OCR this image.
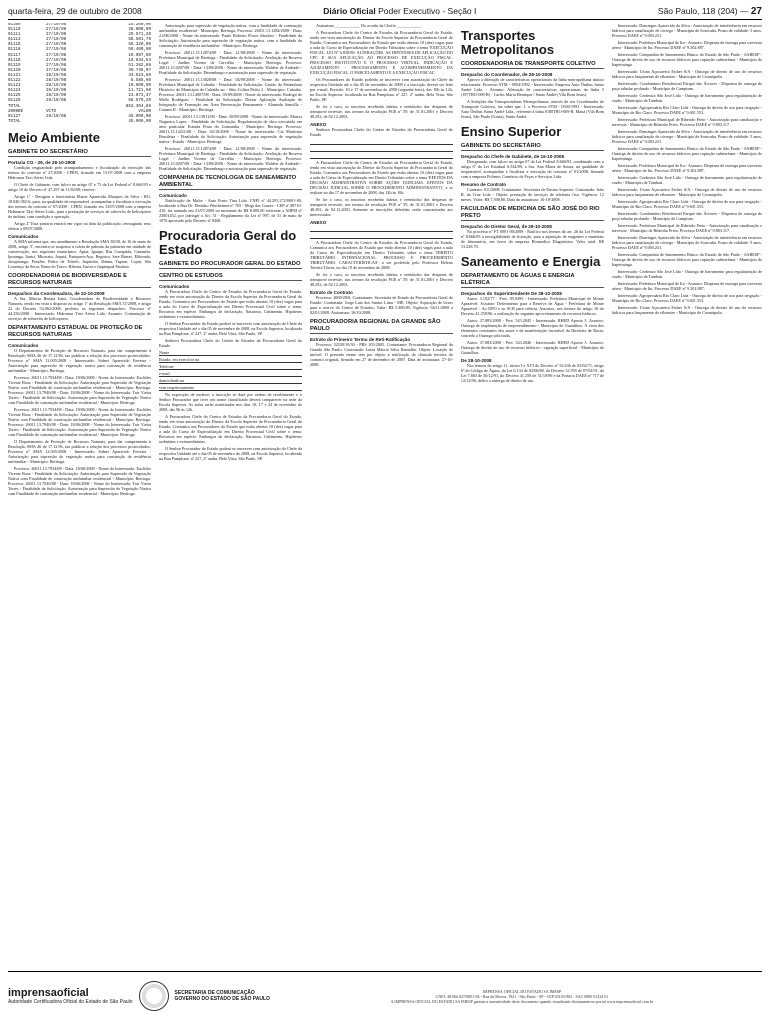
quarta-feira, 29 de outubro de 2008	Diário Oficial Poder Executivo - Seção I	São Paulo, 118 (204) — 27
01109	27/10/08	15.200,00
01110	27/10/08	36.000,00
01111	27/10/08	29.571,20
01113	27/10/08	58.501,78
01115	27/10/08	58.320,00
01116	27/10/08	50.400,00
01117	27/10/08	10.087,60
01118	27/10/08	19.834,64
01119	27/10/08	51.282,88
01120	27/10/08	30.745,07
01121	28/10/08	33.623,88
01122	28/10/08	8.585,60
01123	28/10/08	10.800,00
01124	28/10/08	11.721,60
01125	28/10/08	23.873,37
01126	28/10/08	68.579,20
TOTAL	852.304,86
2008RE	VCTO	VALOR
01127	28/10/08	45.000,00
TOTAL	45.000,00
Meio Ambiente
GABINETE DO SECRETÁRIO
Portaria CG - 29, de 28-10-2008

Condição resguardado pelo acompanhamento e fiscalização da execução das termos do contrato nº 27/2008 - CPRN, firmado em 13-07-2008 com a empresa Hidromar Taxi Aéreo Ltda.

O Chefe de Gabinete, com fulcro no artigo 67 e 73 da Lei Federal nº 8.666/93 e artigo 10 do Decreto nº 47.297 de 11/02/08, resolve:

Artigo 1º - Designar a funcionária Elaine Aparecida Marques da Silva - RG: 18.840.382-6, para, na qualidade de responsável, acompanhar e fiscalizar a execução dos termos do contrato nº 07/2008 - CPRN, firmado em 13/07/2008 com a empresa Helimarte Táxi Aéreo Ltda., para a prestação de serviços de sobrevôo de helicóptero de turbina, com condição e operação.

Artigo 2º Esta portaria entrará em vigor na data da publicação, retroagindo seus efeitos a 09/07/2008.

Comunicados

A SMA informa que, em atendimento a Resolução SMA 38/08, de 16 de maio de 2008, artigo 3º, encontra-se suspensa a coleta de palmito da palmeira em unidade de conservação, nos seguintes municípios: Apiaí, Iguape, Ilha Comprida, Cananéia, Iporanga, Itariri, Miracatu, Juquiá, Pariquera-Açu, Registro, Sete Barras, Eldorado, Jacupiranga, Peruíbe, Pedro de Toledo, Juquitiba, Ibiúna, Tapiraí, Cajati, São Lourenço da Serra, Barra do Turvo, Ribeira, Itaóca e Itapirapuã Paulista.

COORDENADORIA DE BIODIVERSIDADE E RECURSOS NATURAIS
Despachos da Coordenadora, de 22-10-2008

A Sra. Márcia Renata Itani, Coordenadora de Biodiversidade e Recursos Naturais, tendo em vista o disposto no artigo 1º da Resolução SMA 37/2008, e artigo 22 do Decreto 54.062/2008, proferiu os seguintes despachos: Processo nº 44.256/2008 - Interessado: Hidromar Táxi Aéreo Ltda. Assunto: Contratação de serviços de sobrevôo de helicóptero.

DEPARTAMENTO ESTADUAL DE PROTEÇÃO DE RECURSOS NATURAIS
Comunicados

O Departamento de Proteção de Recursos Naturais, para dar cumprimento à Resolução SMA 46 de 17.12.96, faz publicar a relação dos processos protocolados: Processo nº SMA 12.005/2008 - Interessado: Sidnei Aparecido Ferreira - Autorização para supressão de vegetação nativa para construção de residência unifamiliar - Município: Bertioga.

Processo: 26011.13.7934/08 - Data: 18/06/2008 - Nome do Interessado: Euclides Vicente Rosa - Finalidade da Solicitação: Autorização para Supressão de Vegetação Nativa com Finalidade de construção unifamiliar residencial - Município: Bertioga. Processo: 26011.13.7940/08 - Data: 18/06/2008 - Nome do Interessado: Tais Vieira Torres - Finalidade da Solicitação: Autorização para Supressão de Vegetação Nativa com Finalidade de construção unifamiliar residencial - Município: Bertioga.

Processo: 26011.13.7934/08 - Data: 18/06/2008 - Nome do Interessado: Euclides Vicente Rosa - Finalidade da Solicitação: Autorização para Supressão de Vegetação Nativa com Finalidade de construção unifamiliar residencial - Município: Bertioga. Processo: 26011.13.7940/08 - Data: 18/06/2008 - Nome do Interessado: Tais Vieira Torres - Finalidade da Solicitação: Autorização para Supressão de Vegetação Nativa com Finalidade de construção unifamiliar residencial - Município: Bertioga.

O Departamento de Proteção de Recursos Naturais, para dar cumprimento à Resolução SMA 46 de 17.12.96, faz publicar a relação dos processos protocolados: Processo nº SMA 12.005/2008 - Interessado: Sidnei Aparecido Ferreira - Autorização para supressão de vegetação nativa para construção de residência unifamiliar - Município: Bertioga.

Processo: 26011.13.7934/08 - Data: 18/06/2008 - Nome do Interessado: Euclides Vicente Rosa - Finalidade da Solicitação: Autorização para Supressão de Vegetação Nativa com Finalidade de construção unifamiliar residencial - Município: Bertioga. Processo: 26011.13.7940/08 - Data: 18/06/2008 - Nome do Interessado: Tais Vieira Torres - Finalidade da Solicitação: Autorização para Supressão de Vegetação Nativa com Finalidade de construção unifamiliar residencial - Município: Bertioga.

Autorização para supressão de vegetação nativa, com a finalidade de construção unifamiliar residencial - Município: Bertioga. Processo: 26011.13.1284/2008 - Data: 21/08/2008 - Nome do interessado: Paulo Roberto Flores Sánchez - Finalidade da Solicitação: Autorização para supressão de vegetação nativa, com a finalidade de construção de residência unifamiliar - Município: Bertioga.

Processo: 26011.13.12874/08 - Data: 21/08/2008 - Nome do interessado: Prefeitura Municipal de Bertioga - Finalidade da Solicitação: Avaliação da Reserva Legal - Jardim Vicente de Carvalho - Município: Bertioga. Processo: 26011.13.0207/08 - Data: 13/08/2008 - Nome do interessado: Waldeir de Andrade - Finalidade da Solicitação: Desembargo e autorização para supressão de vegetação.

Processo: 26011.13.13828/08 - Data: 04/09/2008 - Nome do interessado: Prefeitura Municipal de Cubatão - Finalidade da Solicitação: Gestão do Patrimônio Histórico do Município de Cubatão no - Sítio Colina Pedra 2 - Município: Cubatão. Processo: 26011.13.14007/08 - Data: 05/09/2008 - Nome do interessado: Rodrigo de Mello Rodrigues - Finalidade da Solicitação: Deixar Aplicação Avaliação de Integração de Formação em Área Preservação Permanente - Alameda Sanvilla - Caiaara II - Município: Bertioga.

Processo: 26011.13.13811/08 - Data: 30/09/2008 - Nome do interessado: Marisa Nogueira Lopes - Finalidade da Solicitação: Regularização de obra executada em área particular Estrada Praia do Guaratuba - Município: Bertioga. Processo: 26011.13.14211/08 - Data: 02/10/2008 - Nome do interessado: Cia Marítimo Brasileira - Finalidade da Solicitação: Autorização para supressão de vegetação nativa - Estada - Município: Bertioga.

Processo: 26011.13.12874/08 - Data: 21/08/2008 - Nome do interessado: Prefeitura Municipal de Bertioga - Finalidade da Solicitação: Avaliação da Reserva Legal - Jardim Vicente de Carvalho - Município: Bertioga. Processo: 26011.13.0207/08 - Data: 13/08/2008 - Nome do interessado: Waldeir de Andrade - Finalidade da Solicitação: Desembargo e autorização para supressão de vegetação.

COMPANHIA DE TECNOLOGIA DE SANEAMENTO AMBIENTAL
Comunicado

Notificação de Multa - Auto Posto Tina Ltda. CNPJ nº 44.293.272/0001-00, localizado à Rua Dr. Deodato Wertheimer nº 765 - Mogi das Cruzes - CEP nº 08710-410, foi autuado em 21/07/2008 no montante de R$ 8.000,00 referente a AIIPM nº 25001452, por infringir o Art. 51 - Regulamento da Lei nº 997, de 31 de maio de 1976 aprovado pelo Decreto nº 8468.

Procuradoria Geral do Estado
GABINETE DO PROCURADOR GERAL DO ESTADO
CENTRO DE ESTUDOS
Comunicados

A Procuradora Chefe do Centro de Estudos da Procuradoria Geral do Estado, tendo em vista autorização do Diretor da Escola Superior da Procuradoria Geral do Estado, Comunica aos Procuradores do Estado que estão abertas 10 (dez) vagas para a aula do Curso de Especialização em Direito Processual Civil sobre o tema: Recursos em espécie. Embargos de declaração, Natureza, Cabimento, Hipóteses ordinárias e extraordinárias.

O Senhor Procurador do Estado poderá se inscrever com autorização do Chefe da respectiva Unidade até o dia 05 de novembro de 2008, na Escola Superior, localizada na Rua Pamplona, nº 227, 2º andar, Bela Vista, São Paulo, SP.

Senhora Procuradora Chefe do Centro de Estudos da Procuradoria Geral do Estado

Nome
Estado, em exercício na
Telefone
e-mail
domiciliado na
vem respeitosamente

Na exposição de motivos a inscrição se dará por ordem de recebimento e o Senhor Procurador que tiver seu nome classificado deverá comparecer na sede da Escola Superior. As aulas serão ministradas nos dias 10, 17 e 24 de novembro de 2008, das 9h às 12h.

A Procuradora Chefe do Centro de Estudos da Procuradoria Geral do Estado, tendo em vista autorização do Diretor da Escola Superior da Procuradoria Geral do Estado, Comunica aos Procuradores do Estado que estão abertas 10 (dez) vagas para a aula do Curso de Especialização em Direito Processual Civil sobre o tema: Recursos em espécie. Embargos de declaração, Natureza, Cabimento, Hipóteses ordinárias e extraordinárias.

O Senhor Procurador do Estado poderá se inscrever com autorização do Chefe da respectiva Unidade até o dia 05 de novembro de 2008, na Escola Superior, localizada na Rua Pamplona, nº 227, 2º andar, Bela Vista, São Paulo, SP.

Assinatura ____________ De acordo da Chefia ____________

A Procuradora Chefe do Centro de Estudos da Procuradoria Geral do Estado, tendo em vista autorização do Diretor da Escola Superior da Procuradoria Geral do Estado, Comunica aos Procuradores do Estado que estão abertas 10 (dez) vagas para a aula do Curso de Especialização em Direito Tributário sobre o tema 'EXECUÇÃO FISCAL. LEI Nº 6.830/80. ALTERAÇÕES. AS HIPÓTESES DE APLICAÇÃO DO CPC E SUA APLICAÇÃO AO PROCESSO DE EXECUÇÃO FISCAL. PROCESSO INSTITUTIVO E O PROCESSO VIRTUAL. INDICAÇÃO E AJUIZAMENTO - PROCESSAMENTO E ACOMPANHAMENTO DA EXECUÇÃO FISCAL. O PARCELAMENTO E A EXECUÇÃO FISCAL'.

Os Procuradores do Estado poderão se inscrever com autorização do Chefe da respectiva Unidade até o dia 05 de novembro de 2008 e a inscrição deverá ser feita por e-mail. Período: 10 e 17 de novembro de 2008 (segunda-feira), das 10h às 12h, na Escola Superior, localizada na Rua Pamplona, nº 227, 2º andar, Bela Vista, São Paulo, SP.

Se for o caso, os inscritos receberão diárias e reembolso das despesas de transporte terrestre, nos termos da resolução PGE nº 59, de 31.01.2001 e Decreto 48.292, de 02.12.2003.

ANEXO

Senhora Procuradora Chefe do Centro de Estudos da Procuradoria Geral do Estado

A Procuradora Chefe do Centro de Estudos da Procuradoria Geral do Estado, tendo em vista autorização do Diretor da Escola Superior da Procuradoria Geral do Estado, Comunica aos Procuradores do Estado que estão abertas 10 (dez) vagas para a aula do Curso de Especialização em Direito Tributário sobre o tema 'EFEITOS DA DECISÃO ADMINISTRATIVA SOBRE AÇÕES JUDICIAIS. EFEITOS DA DECISÃO JUDICIAL SOBRE O PROCEDIMENTO ADMINISTRATIVO', a se realizar no dia 17 de novembro de 2008, das 14h às 16h.

Se for o caso, os inscritos receberão diárias e reembolso das despesas de transporte terrestre, nos termos da resolução PGE nº 59, de 31.01.2001 e Decreto 48.292, de 02.12.2003. Somente as inscrições deferidas serão comunicadas aos interessados.

ANEXO

A Procuradora Chefe do Centro de Estudos da Procuradoria Geral do Estado, Comunica aos Procuradores do Estado que estão abertas 10 (dez) vagas para a aula do Curso de Especialização em Direito Tributário sobre o tema 'DIREITO TRIBUTÁRIO INTERNACIONAL. PROCESSO E PROCEDIMENTO TRIBUTÁRIO. CARACTERÍSTICAS', a ser proferida pelo Professor Heleno Taveira Tôrres, no dia 19 de novembro de 2008.

Se for o caso, os inscritos receberão diárias e reembolso das despesas de transporte terrestre, nos termos da resolução PGE nº 59, de 31.01.2001 e Decreto 48.292, de 02.12.2003.

Extrato de Contrato

Processo: 2008/29/0; Contratante: Secretaria de Estado da Procuradoria Geral do Estado; Contratada: Jorge Luiz dos Santos Lima - ME; Objeto: Aquisição de livros para o acervo do Centro de Estudos; Valor: R$ 5.480,00; Vigência: 04/11/2008 a 02/01/2009. Assinatura: 16/10/2008.

PROCURADORIA REGIONAL DA GRANDE SÃO PAULO
Extrato do Primeiro Termo de Reti-Ratificação

Processo: 52520/10/30 - PRS 105/2005. Contratante: Procuradoria Regional da Grande São Paulo. Contratada: Luiza Márcia Silva Ramalho. Objeto: Locação de imóvel. O presente termo tem por objeto a retificação da cláusula terceira do contrato original, firmado em 27 de dezembro de 2007. Data de assinatura: 27-10-2008.

Transportes Metropolitanos
COORDENADORIA DE TRANSPORTE COLETIVO
Despacho do Coordenador, de 28-10-2008

Aprovo a alteração de características operacionais da linha metropolitana abaixo relacionada: Processo STM - 0994/1992 - Interessada: Empresa Auto Ônibus Santo André Ltda. - Assunto: Alteração de características operacionais da linha 5 (187TRO-009-R) - Carlos Maria Henrique / Santo André (Vila Bom Jesus).

A Soluções das Transportadoras Metropolitanas, através de seu Coordenador de Transporte Coletivo, faz saber que: 1. o Processo STM - 0920/1992 - Interessada: Auto Ônibus Santo André Ltda., referente à linha 0180TRO-009-R, Mauá (Vila Bom Jesus), São Paulo (Gruta), Santo André.

Ensino Superior
GABINETE DO SECRETÁRIO
Despacho do Chefe de Gabinete, de 16-10-2008

Designando, com fulcro no artigo 67 da Lei Federal 8.666/93, combinado com o artigo 6º da Lei Estadual 6.544/89, a Sra. Ana Maria de Souza, na qualidade de responsável, acompanhar e fiscalizar a execução do contrato nº 01/2008, firmado com a empresa Polimos Comércio de Peças e Serviços Ltda.

Resumo de Contrato

Contrato: 011/2008. Contratante: Secretaria de Ensino Superior. Contratada: João B. da Cruz Ltda - Objeto: prestação de serviços de telefonia fixa. Vigência: 12 meses. Valor: R$ 7.500,00. Data da assinatura: 16-10-2008.

FACULDADE DE MEDICINA DE SÃO JOSÉ DO RIO PRETO
Despacho do Diretor Geral, de 28-10-2008

No processo nº FT 0001-00/2008 - Ratifico nos termos do art. 26 da Lei Federal nº 8.666/93 a inexigibilidade de licitação, para a aquisição de reagentes e materiais de laboratório, em favor da empresa Biomedica Diagnóstica. Valor total: R$ 13.228,70.

Saneamento e Energia
DEPARTAMENTO DE ÁGUAS E ENERGIA ELÉTRICA
Despachos do Superintendente De 28-10-2008

Autos: 3.192/77 - Prov. 05.0495 - Interessado: Prefeitura Municipal de Monte Aprazível. Assunto: Deferimento para a Reserva de Água - Prefeitura de Monte Aprazível - Ao DPO e ao SCR para ciência. Autorizo, nos termos do artigo 10 do Decreto 41.258/96, a realização do seguinte aproveitamento de recursos hídricos.

Autos: 37.083/2008 - Prot. 543.2845 - Interessado: RHED Aposta 3. Assunto: Outorga de implantação de empreendimento - Município de Guarulhos. À vista dos elementos constantes dos autos e da manifestação favorável da Diretoria de Bacia, concedo a Outorga solicitada.

Autos: 37.083/2008 - Prot. 543.2846 - Interessado: RHED Aposta 3. Assunto: Outorga de direito de uso de recursos hídricos - captação superficial - Município de Guarulhos.

De 28-10-2008

Nos termos do artigo 11, inciso I e XVI do Decreto nº 52.636 de 03/02/71, artigo 6º do Código de Águas, da Lei 6.134 de 02/06/88, do Decreto 32.955 de 07/02/91, da Lei 7.663 de 30/12/91, do Decreto 41.258 de 31/10/96 e da Portaria DAEE nº 717 de 12/12/96, defiro a outorga de direito de uso.

Interessado: Domingos Aparecido da Silva - Autorização de interferência em recursos hídricos para canalização de córrego - Município de Sorocaba. Prazo de validade: 5 anos. Processo DAEE nº 9.003.231.

Interessado: Prefeitura Municipal de Itu - Assunto: Dispensa de outorga para travessia aérea - Município de Itu. Processo DAEE nº 9.302.887.

Interessado: Companhia de Saneamento Básico do Estado de São Paulo - SABESP - Outorga de direito de uso de recursos hídricos para captação subterrânea - Município de Itapetininga.

Interessado: Usina Açucareira Esther S/A - Outorga de direito de uso de recursos hídricos para lançamento de efluentes - Município de Cosmópolis.

Interessado: Condomínio Residencial Parque das Árvores - Dispensa de outorga de poço tubular profundo - Município de Campinas.

Interessado: Cerâmica São José Ltda - Outorga de barramento para regularização de vazão - Município de Tambaú.

Interessado: Agropecuária Rio Claro Ltda - Outorga de direito de uso para irrigação - Município de Rio Claro. Processo DAEE nº 9.601.553.

Interessado: Prefeitura Municipal de Ribeirão Preto - Autorização para canalização e travessia - Município de Ribeirão Preto. Processo DAEE nº 9.803.117.

Interessado: Domingos Aparecido da Silva - Autorização de interferência em recursos hídricos para canalização de córrego - Município de Sorocaba. Prazo de validade: 5 anos. Processo DAEE nº 9.003.231.

Interessado: Companhia de Saneamento Básico do Estado de São Paulo - SABESP - Outorga de direito de uso de recursos hídricos para captação subterrânea - Município de Itapetininga.

Interessado: Prefeitura Municipal de Itu - Assunto: Dispensa de outorga para travessia aérea - Município de Itu. Processo DAEE nº 9.302.887.

Interessado: Cerâmica São José Ltda - Outorga de barramento para regularização de vazão - Município de Tambaú.

Interessado: Usina Açucareira Esther S/A - Outorga de direito de uso de recursos hídricos para lançamento de efluentes - Município de Cosmópolis.

Interessado: Agropecuária Rio Claro Ltda - Outorga de direito de uso para irrigação - Município de Rio Claro. Processo DAEE nº 9.601.553.

Interessado: Condomínio Residencial Parque das Árvores - Dispensa de outorga de poço tubular profundo - Município de Campinas.

Interessado: Prefeitura Municipal de Ribeirão Preto - Autorização para canalização e travessia - Município de Ribeirão Preto. Processo DAEE nº 9.803.117.

Interessado: Domingos Aparecido da Silva - Autorização de interferência em recursos hídricos para canalização de córrego - Município de Sorocaba. Prazo de validade: 5 anos. Processo DAEE nº 9.003.231.

Interessado: Companhia de Saneamento Básico do Estado de São Paulo - SABESP - Outorga de direito de uso de recursos hídricos para captação subterrânea - Município de Itapetininga.

Interessado: Cerâmica São José Ltda - Outorga de barramento para regularização de vazão - Município de Tambaú.

Interessado: Prefeitura Municipal de Itu - Assunto: Dispensa de outorga para travessia aérea - Município de Itu. Processo DAEE nº 9.302.887.

Interessado: Agropecuária Rio Claro Ltda - Outorga de direito de uso para irrigação - Município de Rio Claro. Processo DAEE nº 9.601.553.

Interessado: Usina Açucareira Esther S/A - Outorga de direito de uso de recursos hídricos para lançamento de efluentes - Município de Cosmópolis.

imprensaoficial
Autoridade Certificadora Oficial do Estado de São Paulo
SECRETARIA DE COMUNICAÇÃO
GOVERNO DO ESTADO DE SÃO PAULO
IMPRENSA OFICIAL DO ESTADO SA IMESP
CNPJ: 48.066.047/0001-84 - Rua da Mooca, 1921 - São Paulo - SP - CEP 03103-902 - SAC 0800 01234 01
A IMPRENSA OFICIAL DO ESTADO SA IMESP garante a autenticidade deste documento quando visualizado diretamente no portal www.imprensaoficial.com.br
